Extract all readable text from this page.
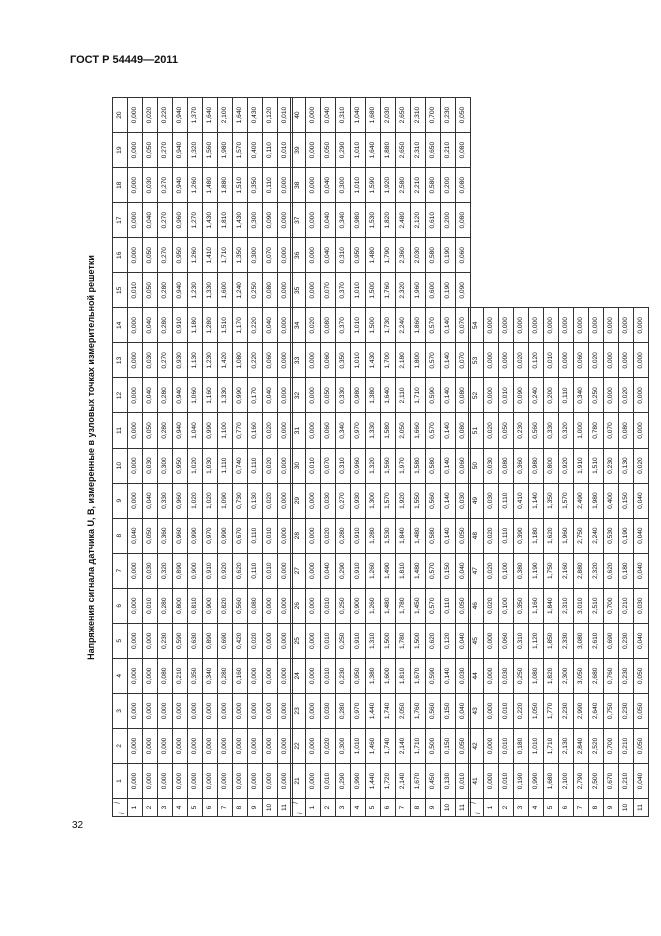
ГОСТ Р 54449—2011
Напряжения сигнала датчика U, В, измеренные в узловых точках измерительной решетки
i
j	1	2	3	4	5	6	7	8	9	10	11	12	13	14	15	16	17	18	19	20
1	0,000	0,000	0,000	0,000	0,000	0,000	0,000	0,040	0,000	0,000	0,000	0,000	0,000	0,000	0,010	0,000	0,000	0,000	0,000	0,000
2	0,000	0,000	0,000	0,000	0,000	0,010	0,030	0,050	0,040	0,030	0,050	0,040	0,030	0,040	0,050	0,050	0,040	0,030	0,050	0,020
3	0,000	0,000	0,000	0,080	0,230	0,280	0,320	0,360	0,330	0,300	0,280	0,280	0,270	0,280	0,280	0,270	0,270	0,270	0,270	0,220
4	0,000	0,000	0,000	0,210	0,590	0,800	0,890	0,960	0,960	0,950	0,940	0,940	0,930	0,910	0,940	0,950	0,960	0,940	0,940	0,940
5	0,000	0,000	0,000	0,350	0,630	0,810	0,900	0,990	1,020	1,020	1,040	1,060	1,130	1,180	1,230	1,260	1,270	1,260	1,320	1,370
6	0,000	0,000	0,000	0,340	0,890	0,900	0,910	0,970	1,020	1,030	0,990	1,160	1,230	1,280	1,330	1,410	1,430	1,480	1,560	1,640
7	0,000	0,000	0,000	0,280	0,690	0,820	0,920	0,990	1,090	1,110	1,100	1,330	1,420	1,510	1,600	1,710	1,810	1,880	1,980	2,100
8	0,000	0,000	0,000	0,160	0,420	0,560	0,620	0,670	0,730	0,740	0,770	0,990	1,080	1,170	1,240	1,350	1,430	1,510	1,570	1,640
9	0,000	0,000	0,000	0,000	0,020	0,080	0,110	0,110	0,130	0,110	0,160	0,170	0,220	0,220	0,250	0,300	0,300	0,350	0,400	0,430
10	0,000	0,000	0,000	0,000	0,000	0,000	0,010	0,010	0,020	0,020	0,020	0,040	0,060	0,040	0,080	0,070	0,090	0,110	0,110	0,120
11	0,000	0,000	0,000	0,000	0,000	0,000	0,000	0,000	0,000	0,000	0,000	0,000	0,000	0,000	0,000	0,000	0,000	0,000	0,010	0,010
i
j	21	22	23	24	25	26	27	28	29	30	31	32	33	34	35	36	37	38	39	40
1	0,000	0,000	0,000	0,000	0,000	0,000	0,000	0,000	0,000	0,010	0,000	0,000	0,000	0,020	0,000	0,000	0,000	0,000	0,000	0,000
2	0,010	0,020	0,030	0,010	0,010	0,010	0,040	0,020	0,030	0,070	0,060	0,050	0,060	0,080	0,070	0,040	0,040	0,040	0,050	0,040
3	0,290	0,300	0,280	0,230	0,250	0,250	0,290	0,280	0,270	0,310	0,340	0,330	0,350	0,370	0,370	0,310	0,340	0,300	0,290	0,310
4	0,990	1,010	0,970	0,950	0,910	0,900	0,910	0,910	0,930	0,960	0,970	0,980	1,010	1,010	1,010	0,950	0,980	1,010	1,010	1,040
5	1,440	1,460	1,440	1,380	1,310	1,260	1,260	1,280	1,300	1,320	1,330	1,380	1,430	1,500	1,500	1,480	1,530	1,590	1,640	1,680
6	1,720	1,740	1,740	1,600	1,500	1,480	1,490	1,530	1,570	1,560	1,580	1,640	1,700	1,730	1,760	1,790	1,820	1,920	1,880	2,030
7	2,140	2,140	2,050	1,810	1,780	1,780	1,810	1,840	1,920	1,970	2,050	2,110	2,180	2,240	2,320	2,360	2,480	2,580	2,650	2,650
8	1,670	1,710	1,760	1,670	1,500	1,450	1,480	1,480	1,550	1,580	1,660	1,710	1,800	1,860	1,960	2,030	2,120	2,210	2,310	2,310
9	0,450	0,500	0,560	0,590	0,620	0,570	0,570	0,580	0,560	0,580	0,570	0,590	0,570	0,570	0,600	0,580	0,610	0,580	0,650	0,700
10	0,130	0,150	0,150	0,140	0,120	0,110	0,150	0,140	0,140	0,140	0,140	0,140	0,140	0,140	0,190	0,190	0,200	0,200	0,210	0,230
11	0,010	0,050	0,040	0,030	0,040	0,050	0,040	0,050	0,030	0,060	0,080	0,080	0,070	0,070	0,090	0,060	0,080	0,080	0,080	0,050
i
j	41	42	43	44	45	46	47	48	49	50	51	52	53	54	
1	0,000	0,000	0,000	0,000	0,000	0,020	0,020	0,020	0,030	0,030	0,020	0,000	0,000	0,000	
2	0,010	0,010	0,010	0,030	0,060	0,100	0,100	0,110	0,110	0,080	0,050	0,010	0,000	0,000	
3	0,190	0,180	0,220	0,250	0,310	0,350	0,380	0,390	0,410	0,360	0,230	0,090	0,020	0,000	
4	0,990	1,010	1,050	1,080	1,120	1,160	1,190	1,180	1,140	0,980	0,560	0,240	0,120	0,000	
5	1,680	1,710	1,770	1,820	1,850	1,840	1,750	1,620	1,350	0,800	0,330	0,200	0,010	0,000	
6	2,100	2,130	2,230	2,300	2,330	2,310	2,160	1,960	1,570	0,920	0,320	0,110	0,000	0,000	
7	2,790	2,840	2,990	3,050	3,080	3,010	2,880	2,750	2,490	1,910	1,000	0,340	0,060	0,000	
8	2,500	2,520	2,640	2,680	2,610	2,510	2,320	2,240	1,980	1,510	0,780	0,250	0,020	0,000	
9	0,670	0,700	0,750	0,760	0,690	0,700	0,620	0,530	0,400	0,230	0,070	0,000	0,000	0,000	
10	0,210	0,210	0,230	0,230	0,230	0,210	0,180	0,190	0,150	0,130	0,080	0,020	0,000	0,000	
11	0,040	0,050	0,050	0,050	0,040	0,030	0,040	0,040	0,040	0,020	0,000	0,000	0,000	0,000	
32
